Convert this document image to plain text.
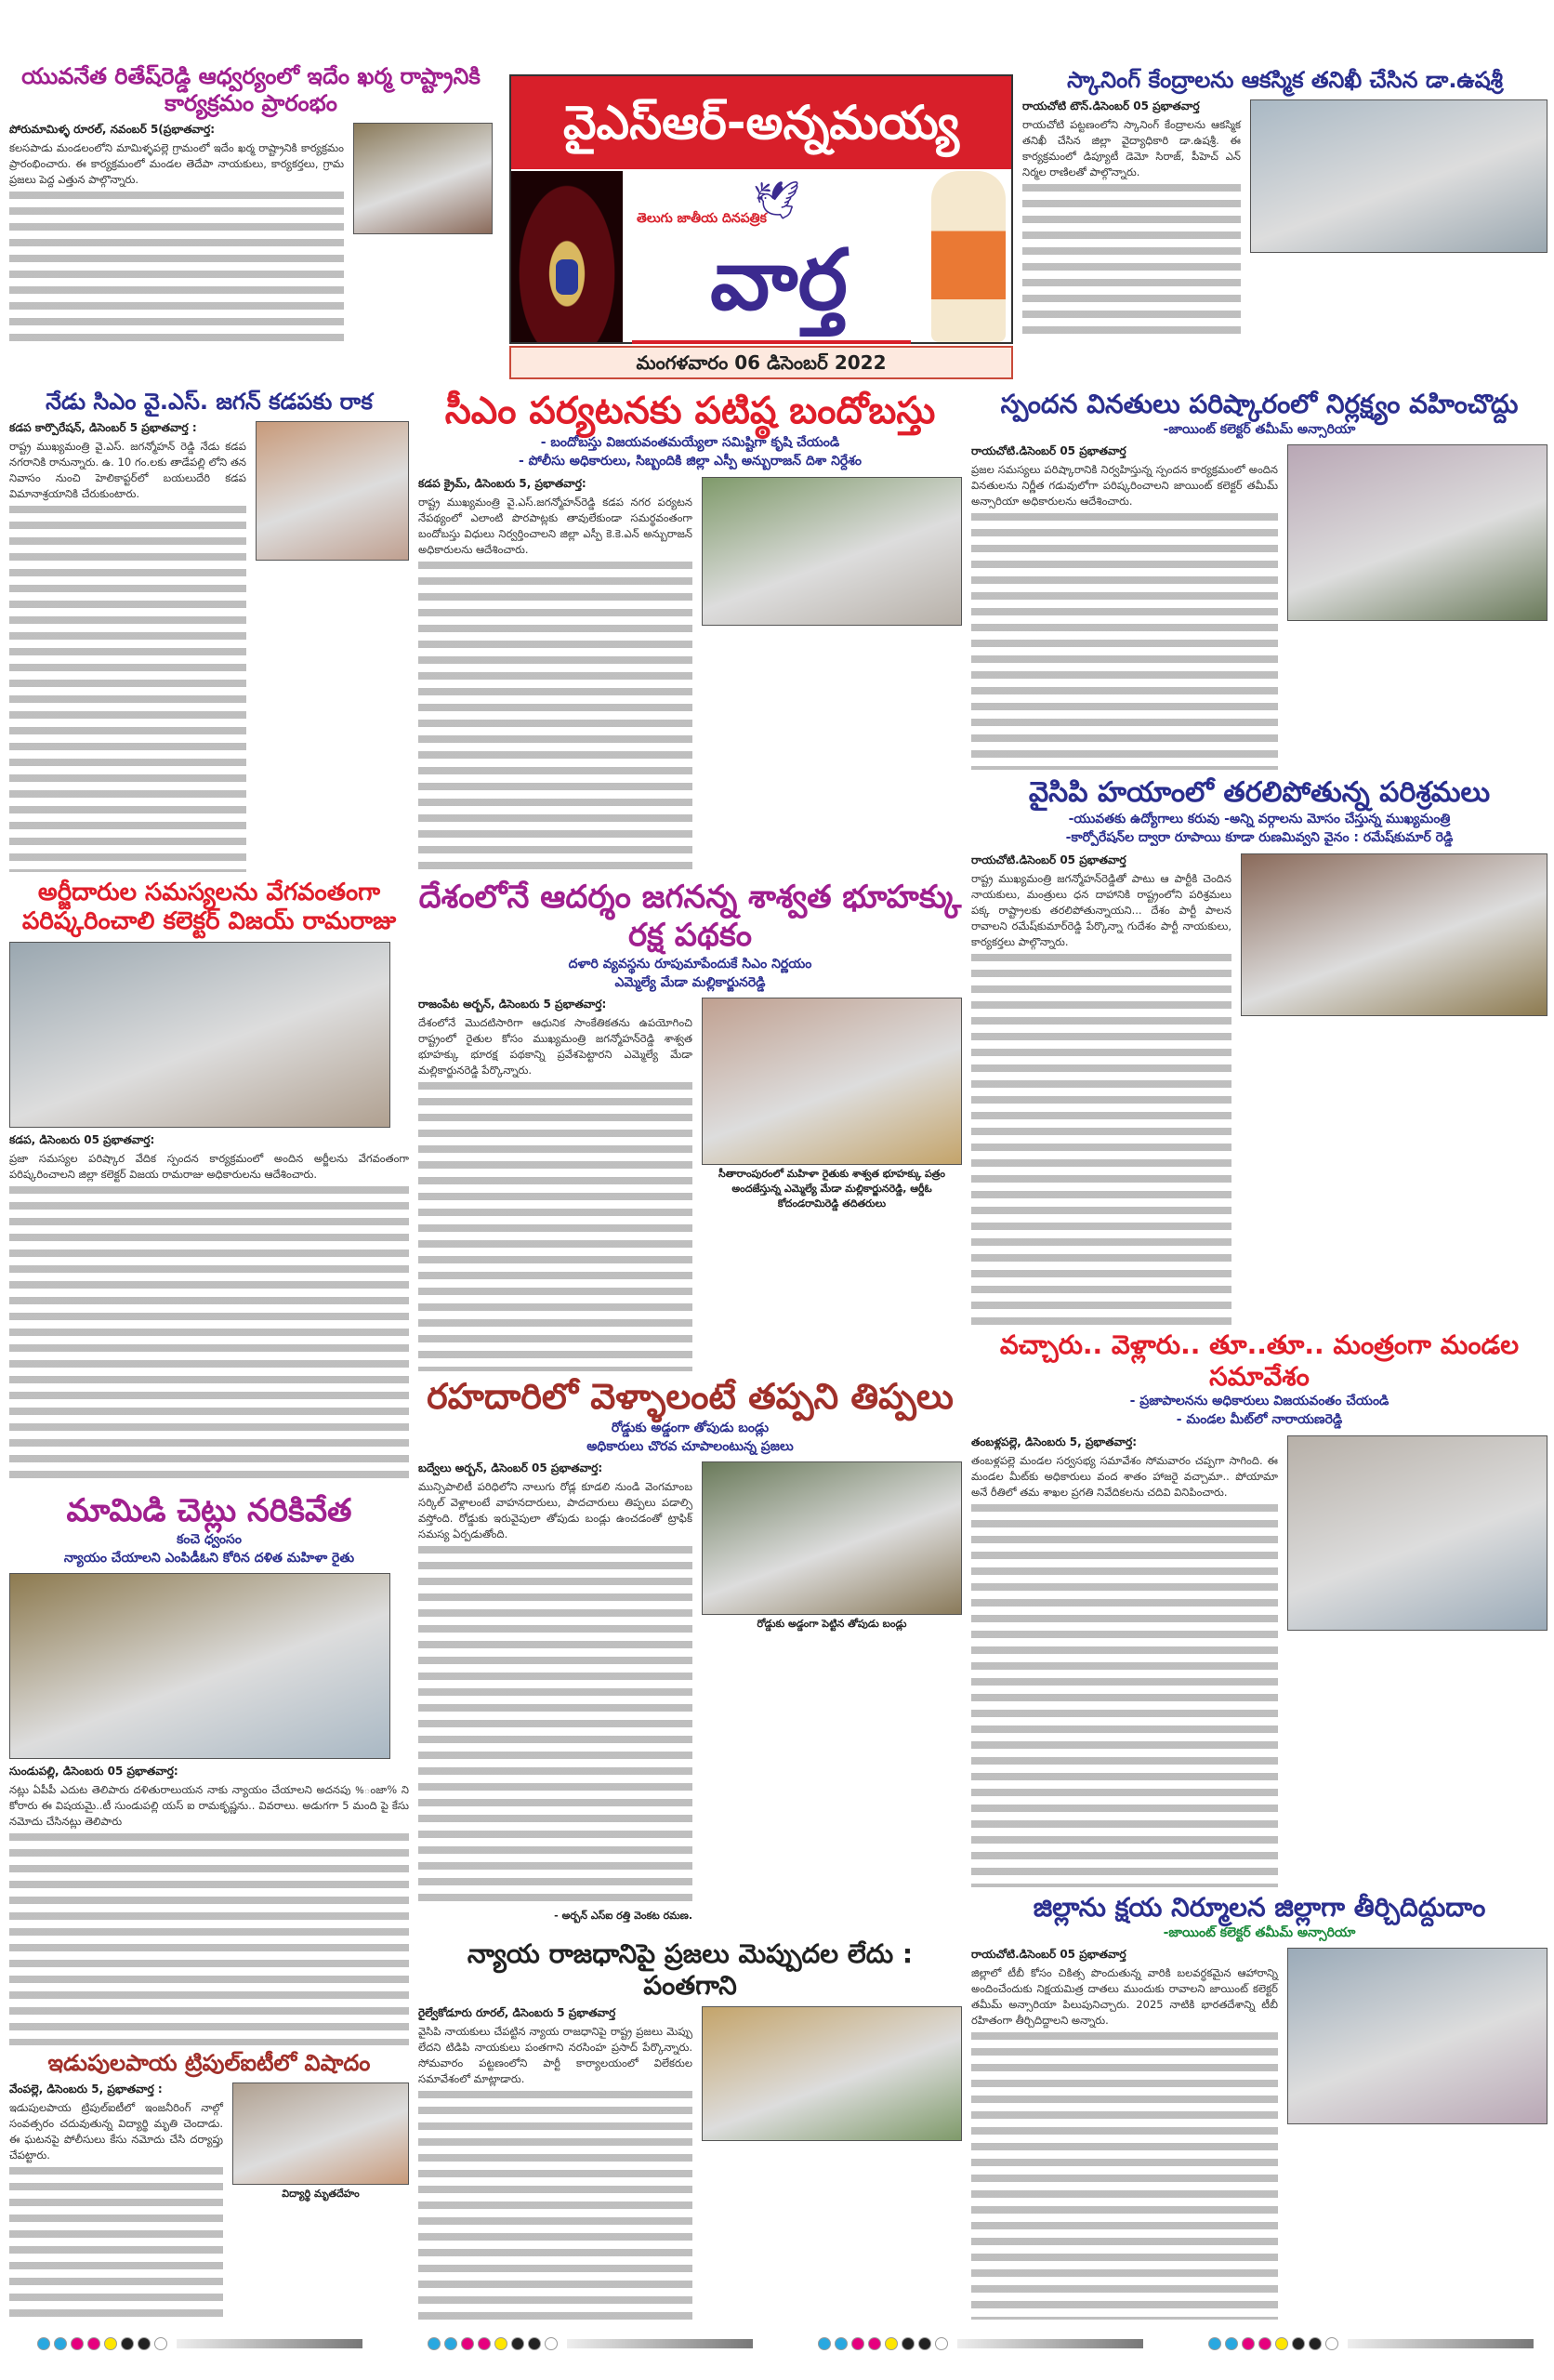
వైఎస్ఆర్-అన్నమయ్య
తెలుగు జాతీయ దినపత్రిక
🕊
వార్త
మంగళవారం 06 డిసెంబర్ 2022
యువనేత రితేష్‌రెడ్డి ఆధ్వర్యంలో ఇదేం ఖర్మ రాష్ట్రానికి కార్యక్రమం ప్రారంభం
పోరుమామిళ్ళ రూరల్, నవంబర్ 5(ప్రభాతవార్త:
కలసపాడు మండలంలోని మామిళ్ళపల్లె గ్రామంలో ఇదేం ఖర్మ రాష్ట్రానికి కార్యక్రమం ప్రారంభించారు. ఈ కార్యక్రమంలో మండల తెదేపా నాయకులు, కార్యకర్తలు, గ్రామ ప్రజలు పెద్ద ఎత్తున పాల్గొన్నారు.
స్కానింగ్ కేంద్రాలను ఆకస్మిక తనిఖీ చేసిన డా.ఉషశ్రీ
రాయచోటి టౌన్.డిసెంబర్ 05 ప్రభాతవార్త
రాయచోటి పట్టణంలోని స్కానింగ్ కేంద్రాలను ఆకస్మిక తనిఖీ చేసిన జిల్లా వైద్యాధికారి డా.ఉషశ్రీ. ఈ కార్యక్రమంలో డిప్యూటీ డెమో సిరాజ్, పీహెచ్ ఎన్ నిర్మల రాణిలతో పాల్గొన్నారు.
నేడు సిఎం వై.ఎస్. జగన్ కడపకు రాక
కడప కార్పొరేషన్, డిసెంబర్ 5 ప్రభాతవార్త :
రాష్ట్ర ముఖ్యమంత్రి వై.ఎస్. జగన్మోహన్ రెడ్డి నేడు కడప నగరానికి రానున్నారు. ఉ. 10 గం.లకు తాడేపల్లి లోని తన నివాసం నుంచి హెలికాప్టర్‌లో బయలుదేరి కడప విమానాశ్రయానికి చేరుకుంటారు.
సీఎం పర్యటనకు పటిష్ఠ బందోబస్తు
- బందోబస్తు విజయవంతమయ్యేలా సమిష్టిగా కృషి చేయండి
- పోలీసు అధికారులు, సిబ్బందికి జిల్లా ఎస్పీ అన్బురాజన్ దిశా నిర్దేశం
కడప క్రైమ్, డిసెంబరు 5, ప్రభాతవార్త:
రాష్ట్ర ముఖ్యమంత్రి వై.ఎస్.జగన్మోహన్‌రెడ్డి కడప నగర పర్యటన నేపథ్యంలో ఎలాంటి పొరపాట్లకు తావులేకుండా సమర్థవంతంగా బందోబస్తు విధులు నిర్వర్తించాలని జిల్లా ఎస్పీ కె.కె.ఎన్ అన్బురాజన్ అధికారులను ఆదేశించారు.
స్పందన వినతులు పరిష్కారంలో నిర్లక్ష్యం వహించొద్దు
-జాయింట్ కలెక్టర్ తమీమ్ అన్సారియా
రాయచోటి.డిసెంబర్ 05 ప్రభాతవార్త
ప్రజల సమస్యలు పరిష్కారానికి నిర్వహిస్తున్న స్పందన కార్యక్రమంలో అందిన వినతులను నిర్ణీత గడువులోగా పరిష్కరించాలని జాయింట్ కలెక్టర్ తమీమ్ అన్సారియా అధికారులను ఆదేశించారు.
వైసిపి హయాంలో తరలిపోతున్న పరిశ్రమలు
-యువతకు ఉద్యోగాలు కరువు -అన్ని వర్గాలను మోసం చేస్తున్న ముఖ్యమంత్రి
-కార్పోరేషన్‌ల ద్వారా రూపాయి కూడా రుణమివ్వని వైనం : రమేష్‌కుమార్ రెడ్డి
రాయచోటి.డిసెంబర్ 05 ప్రభాతవార్త
రాష్ట్ర ముఖ్యమంత్రి జగన్మోహన్‌రెడ్డితో పాటు ఆ పార్టీకి చెందిన నాయకులు, మంత్రులు ధన దాహానికి రాష్ట్రంలోని పరిశ్రమలు పక్క రాష్ట్రాలకు తరలిపోతున్నాయని... దేశం పార్టీ పాలన రావాలని రమేష్‌కుమార్‌రెడ్డి పేర్కొన్నా గుదేశం పార్టీ నాయకులు, కార్యకర్తలు పాల్గొన్నారు.
అర్జీదారుల సమస్యలను వేగవంతంగా పరిష్కరించాలి కలెక్టర్ విజయ్ రామరాజు
కడప, డిసెంబరు 05 ప్రభాతవార్త:
ప్రజా సమస్యల పరిష్కార వేదిక స్పందన కార్యక్రమంలో అందిన అర్జీలను వేగవంతంగా పరిష్కరించాలని జిల్లా కలెక్టర్ విజయ రామరాజు అధికారులను ఆదేశించారు.
దేశంలోనే ఆదర్శం జగనన్న శాశ్వత భూహక్కు రక్ష పథకం
దళారి వ్యవస్థను రూపుమాపేందుకే సిఎం నిర్ణయం
ఎమ్మెల్యే మేడా మల్లికార్జునరెడ్డి
రాజంపేట అర్బన్, డిసెంబరు 5 ప్రభాతవార్త:
దేశంలోనే మొదటిసారిగా ఆధునిక సాంకేతికతను ఉపయోగించి రాష్ట్రంలో రైతుల కోసం ముఖ్యమంత్రి జగన్మోహన్‌రెడ్డి శాశ్వత భూహక్కు భూరక్ష పథకాన్ని ప్రవేశపెట్టారని ఎమ్మెల్యే మేడా మల్లికార్జునరెడ్డి పేర్కొన్నారు.
సీతారాంపురంలో మహిళా రైతుకు శాశ్వత భూహక్కు పత్రం అందజేస్తున్న ఎమ్మెల్యే మేడా మల్లికార్జునరెడ్డి, ఆర్డీఓ కోదండరామిరెడ్డి తదితరులు
వచ్చారు.. వెళ్లారు.. తూ..తూ.. మంత్రంగా మండల సమావేశం
- ప్రజాపాలనను అధికారులు విజయవంతం చేయండి
- మండల మీట్‌లో నారాయణరెడ్డి
తంబళ్లపల్లె, డిసెంబరు 5, ప్రభాతవార్త:
తంబళ్లపల్లె మండల సర్వసభ్య సమావేశం సోమవారం చప్పగా సాగింది. ఈ మండల మీట్‌కు అధికారులు వంద శాతం హాజరై వచ్చామా.. పోయామా అనే రీతిలో తమ శాఖల ప్రగతి నివేదికలను చదివి వినిపించారు.
రహదారిలో వెళ్ళాలంటే తప్పని తిప్పలు
రోడ్డుకు అడ్డంగా తోపుడు బండ్లు
అధికారులు చొరవ చూపాలంటున్న ప్రజలు
బద్వేలు అర్బన్, డిసెంబర్ 05 ప్రభాతవార్త:
మున్సిపాలిటీ పరిధిలోని నాలుగు రోడ్ల కూడలి నుండి వెంగమాంబ సర్కిల్ వెళ్లాలంటే వాహనదారులు, పాదచారులు తిప్పలు పడాల్సి వస్తోంది. రోడ్డుకు ఇరువైపులా తోపుడు బండ్లు ఉంచడంతో ట్రాఫిక్ సమస్య ఏర్పడుతోంది.
- అర్బన్ ఎస్ఐ రత్తి వెంకట రమణ.
రోడ్డుకు అడ్డంగా పెట్టిన తోపుడు బండ్లు
మామిడి చెట్లు నరికివేత
కంచె ధ్వంసం
న్యాయం చేయాలని ఎంపిడీఓని కోరిన దళిత మహిళా రైతు
సుండుపల్లి, డిసెంబరు 05 ప్రభాతవార్త:
నట్లు ఏపీపీ ఎదుట తెలిపారు దళితురాలుయన నాకు న్యాయం చేయాలని అదనపు %ంజా% ని కోరారు ఈ విషయమై..టీ సుండుపల్లి యస్ ఐ రామకృష్ణను.. వివరాలు. అడుగగా 5 మంది పై కేసు నమోదు చేసినట్లు తెలిపారు
ఇడుపులపాయ ట్రిపుల్‌ఐటీలో విషాదం
వేంపల్లె, డిసెంబరు 5, ప్రభాతవార్త :
ఇడుపులపాయ ట్రిపుల్‌ఐటీలో ఇంజనీరింగ్ నాల్గో సంవత్సరం చదువుతున్న విద్యార్థి మృతి చెందాడు. ఈ ఘటనపై పోలీసులు కేసు నమోదు చేసి దర్యాప్తు చేపట్టారు.
విద్యార్థి మృతదేహం
న్యాయ రాజధానిపై ప్రజలు మెప్పుదల లేదు : పంతగాని
రైల్వేకోడూరు రూరల్, డిసెంబరు 5 ప్రభాతవార్త
వైసిపి నాయకులు చేపట్టిన న్యాయ రాజధానిపై రాష్ట్ర ప్రజలు మెప్పు లేదని టిడిపి నాయకులు పంతగాని నరసింహ ప్రసాద్ పేర్కొన్నారు. సోమవారం పట్టణంలోని పార్టీ కార్యాలయంలో విలేకరుల సమావేశంలో మాట్లాడారు.
జిల్లాను క్షయ నిర్మూలన జిల్లాగా తీర్చిదిద్దుదాం
-జాయింట్ కలెక్టర్ తమీమ్ అన్సారియా
రాయచోటి.డిసెంబర్ 05 ప్రభాతవార్త
జిల్లాలో టీబీ కోసం చికిత్స పొందుతున్న వారికి బలవర్ధకమైన ఆహారాన్ని అందించేందుకు నిక్షయమిత్ర దాతలు ముందుకు రావాలని జాయింట్ కలెక్టర్ తమీమ్ అన్సారియా పిలుపునిచ్చారు. 2025 నాటికి భారతదేశాన్ని టీబీ రహితంగా తీర్చిదిద్దాలని అన్నారు.
